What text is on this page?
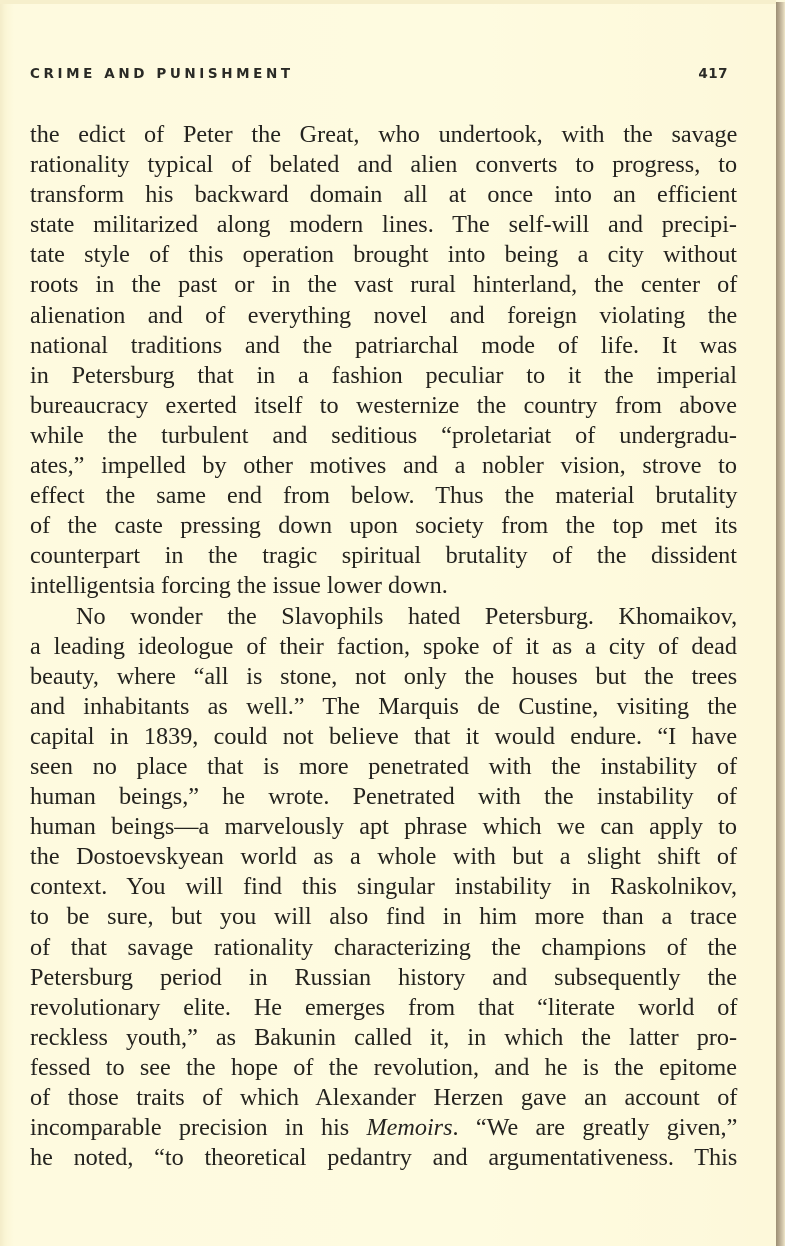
CRIME AND PUNISHMENT	417
the edict of Peter the Great, who undertook, with the savage
rationality typical of belated and alien converts to progress, to
transform his backward domain all at once into an efficient
state militarized along modern lines. The self-will and precipi-
tate style of this operation brought into being a city without
roots in the past or in the vast rural hinterland, the center of
alienation and of everything novel and foreign violating the
national traditions and the patriarchal mode of life. It was
in Petersburg that in a fashion peculiar to it the imperial
bureaucracy exerted itself to westernize the country from above
while the turbulent and seditious “proletariat of undergradu-
ates,” impelled by other motives and a nobler vision, strove to
effect the same end from below. Thus the material brutality
of the caste pressing down upon society from the top met its
counterpart in the tragic spiritual brutality of the dissident
intelligentsia forcing the issue lower down.
No wonder the Slavophils hated Petersburg. Khomaikov,
a leading ideologue of their faction, spoke of it as a city of dead
beauty, where “all is stone, not only the houses but the trees
and inhabitants as well.” The Marquis de Custine, visiting the
capital in 1839, could not believe that it would endure. “I have
seen no place that is more penetrated with the instability of
human beings,” he wrote. Penetrated with the instability of
human beings—a marvelously apt phrase which we can apply to
the Dostoevskyean world as a whole with but a slight shift of
context. You will find this singular instability in Raskolnikov,
to be sure, but you will also find in him more than a trace
of that savage rationality characterizing the champions of the
Petersburg period in Russian history and subsequently the
revolutionary elite. He emerges from that “literate world of
reckless youth,” as Bakunin called it, in which the latter pro-
fessed to see the hope of the revolution, and he is the epitome
of those traits of which Alexander Herzen gave an account of
incomparable precision in his Memoirs. “We are greatly given,”
he noted, “to theoretical pedantry and argumentativeness. This
